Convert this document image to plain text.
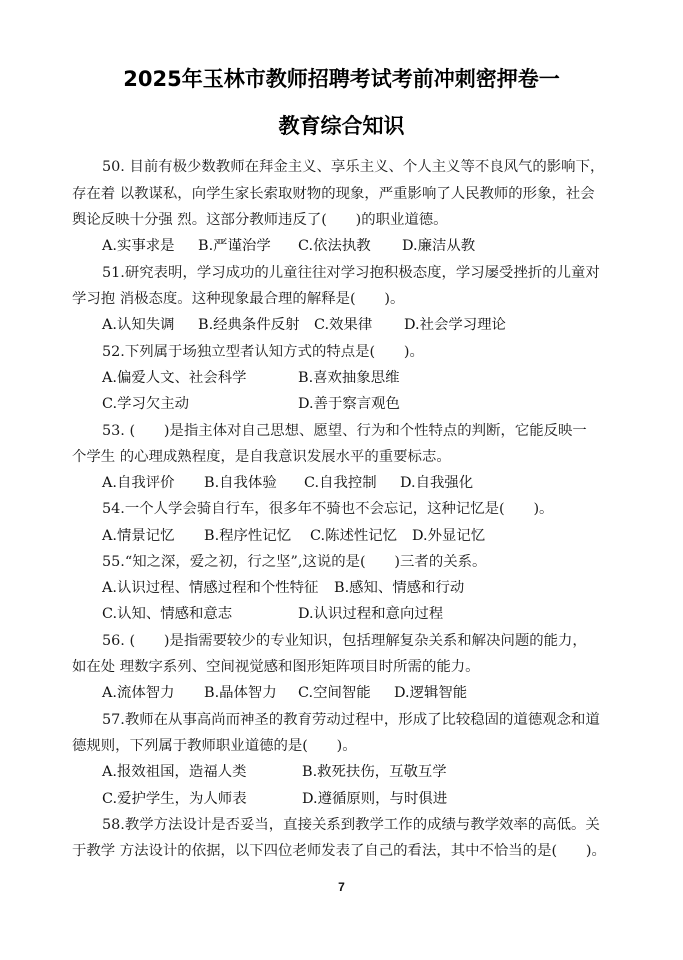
2025年玉林市教师招聘考试考前冲刺密押卷一
教育综合知识
50. 目前有极少数教师在拜金主义、享乐主义、个人主义等不良风气的影响下，
存在着 以教谋私，向学生家长索取财物的现象，严重影响了人民教师的形象，社会
舆论反映十分强 烈。这部分教师违反了(　　)的职业道德。
A.实事求是 B.严谨治学 C.依法执教 D.廉洁从教
51.研究表明，学习成功的儿童往往对学习抱积极态度，学习屡受挫折的儿童对
学习抱 消极态度。这种现象最合理的解释是(　　)。
A.认知失调 B.经典条件反射 C.效果律 D.社会学习理论
52.下列属于场独立型者认知方式的特点是(　　)。
A.偏爱人文、社会科学	B.喜欢抽象思维
C.学习欠主动	D.善于察言观色
53. (　　)是指主体对自己思想、愿望、行为和个性特点的判断，它能反映一
个学生 的心理成熟程度，是自我意识发展水平的重要标志。
A.自我评价 B.自我体验 C.自我控制 D.自我强化
54.一个人学会骑自行车，很多年不骑也不会忘记，这种记忆是(　　)。
A.情景记忆 B.程序性记忆 C.陈述性记忆 D.外显记忆
55.“知之深，爱之初，行之坚”,这说的是(　　)三者的关系。
A.认识过程、情感过程和个性特征 B.感知、情感和行动
C.认知、情感和意志	D.认识过程和意向过程
56. (　　)是指需要较少的专业知识，包括理解复杂关系和解决问题的能力，
如在处 理数字系列、空间视觉感和图形矩阵项目时所需的能力。
A.流体智力 B.晶体智力 C.空间智能 D.逻辑智能
57.教师在从事高尚而神圣的教育劳动过程中，形成了比较稳固的道德观念和道
德规则，下列属于教师职业道德的是(　　)。
A.报效祖国，造福人类	B.救死扶伤，互敬互学
C.爱护学生，为人师表	D.遵循原则，与时俱进
58.教学方法设计是否妥当，直接关系到教学工作的成绩与教学效率的高低。关
于教学 方法设计的依据，以下四位老师发表了自己的看法，其中不恰当的是(　　)。
7
